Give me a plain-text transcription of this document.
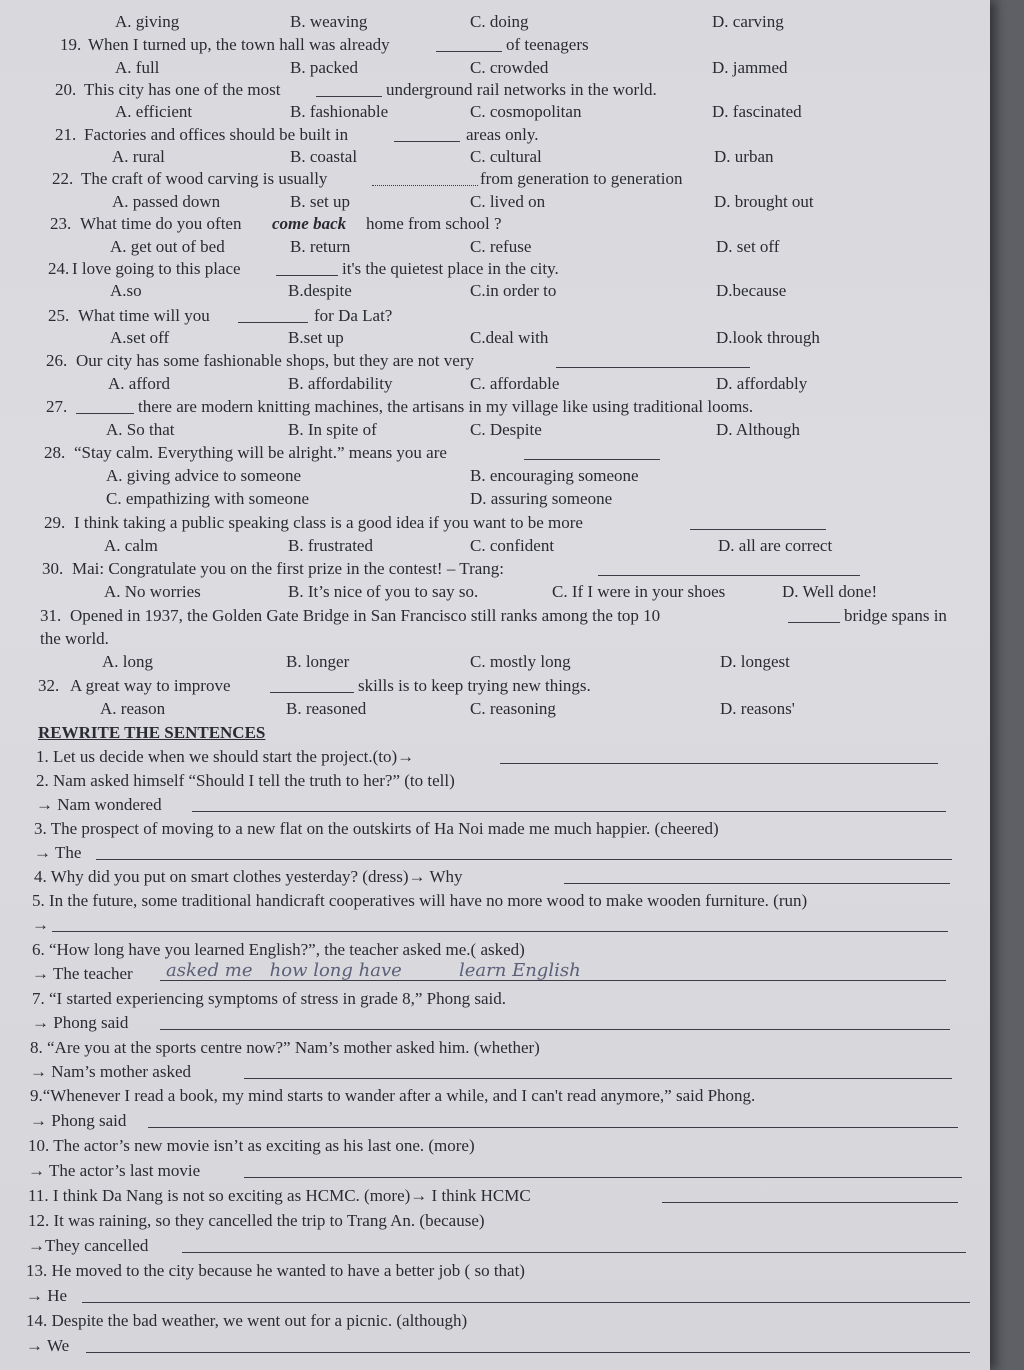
A. giving	B. weaving	C. doing	D. carving
19. When I turned up, the town hall was already	of teenagers
A. full	B. packed	C. crowded	D. jammed
20. This city has one of the most	underground rail networks in the world.
A. efficient	B. fashionable	C. cosmopolitan	D. fascinated
21. Factories and offices should be built in	areas only.
A. rural	B. coastal	C. cultural	D. urban
22. The craft of wood carving is usually	from generation to generation
A. passed down	B. set up	C. lived on	D. brought out
23. What time do you often come back home from school ?
A. get out of bed	B. return	C. refuse	D. set off
24. I love going to this place	it's the quietest place in the city.
A.so	B.despite	C.in order to	D.because
25. What time will you	for Da Lat?
A.set off	B.set up	C.deal with	D.look through
26. Our city has some fashionable shops, but they are not very
A. afford	B. affordability	C. affordable	D. affordably
27.	there are modern knitting machines, the artisans in my village like using traditional looms.
A. So that	B. In spite of	C. Despite	D. Although
28. “Stay calm. Everything will be alright.” means you are
A. giving advice to someone	B. encouraging someone
C. empathizing with someone	D. assuring someone
29. I think taking a public speaking class is a good idea if you want to be more
A. calm	B. frustrated	C. confident	D. all are correct
30. Mai: Congratulate you on the first prize in the contest! – Trang:
A. No worries	B. It’s nice of you to say so.	C. If I were in your shoes	D. Well done!
31. Opened in 1937, the Golden Gate Bridge in San Francisco still ranks among the top 10	bridge spans in
the world.
A. long	B. longer	C. mostly long	D. longest
32. A great way to improve	skills is to keep trying new things.
A. reason	B. reasoned	C. reasoning	D. reasons'
REWRITE THE SENTENCES
1. Let us decide when we should start the project.(to)→
2. Nam asked himself “Should I tell the truth to her?” (to tell)
→ Nam wondered
3. The prospect of moving to a new flat on the outskirts of Ha Noi made me much happier. (cheered)
→ The
4. Why did you put on smart clothes yesterday? (dress)→ Why
5. In the future, some traditional handicraft cooperatives will have no more wood to make wooden furniture. (run)
→
6. “How long have you learned English?”, the teacher asked me.( asked)
→ The teacher asked me   how long have          learn English
7. “I started experiencing symptoms of stress in grade 8,” Phong said.
→ Phong said
8. “Are you at the sports centre now?” Nam’s mother asked him. (whether)
→ Nam’s mother asked
9.“Whenever I read a book, my mind starts to wander after a while, and I can't read anymore,” said Phong.
→ Phong said
10. The actor’s new movie isn’t as exciting as his last one. (more)
→ The actor’s last movie
11. I think Da Nang is not so exciting as HCMC. (more)→ I think HCMC
12. It was raining, so they cancelled the trip to Trang An. (because)
→They cancelled
13. He moved to the city because he wanted to have a better job ( so that)
→ He
14. Despite the bad weather, we went out for a picnic. (although)
→ We
